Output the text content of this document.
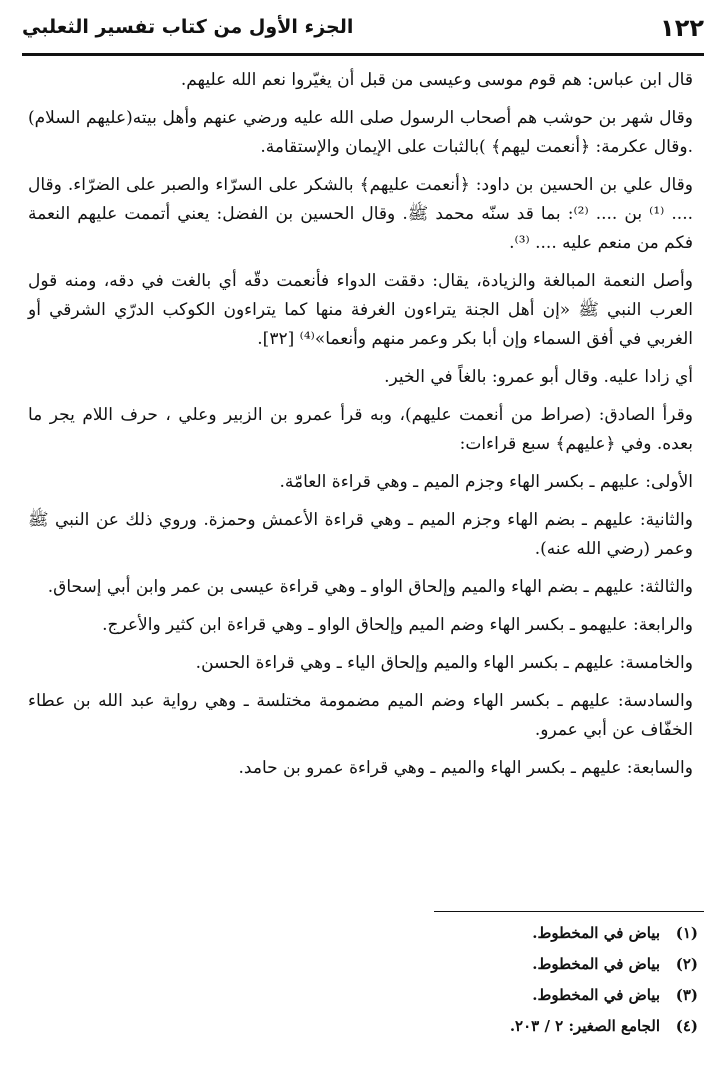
١٢٢
الجزء الأول من كتاب تفسير الثعلبي

قال ابن عباس: هم قوم موسى وعيسى من قبل أن يغيّروا نعم الله عليهم.

وقال شهر بن حوشب هم أصحاب الرسول صلى الله عليه ورضي عنهم وأهل بيته(عليهم السلام) .وقال عكرمة: ﴿أنعمت ليهم﴾ )بالثبات على الإيمان والإستقامة.

وقال علي بن الحسين بن داود: ﴿أنعمت عليهم﴾ بالشكر على السرّاء والصبر على الضرّاء. وقال .... ⁽¹⁾ بن .... ⁽²⁾: بما قد سنّه محمد ﷺ. وقال الحسين بن الفضل: يعني أتممت عليهم النعمة فكم من منعم عليه .... ⁽³⁾.

وأصل النعمة المبالغة والزيادة، يقال: دققت الدواء فأنعمت دقّه أي بالغت في دقه، ومنه قول العرب النبي ﷺ «إن أهل الجنة يتراءون الغرفة منها كما يتراءون الكوكب الدرّي الشرقي أو الغربي في أفق السماء وإن أبا بكر وعمر منهم وأنعما»⁽⁴⁾ [٣٢].

أي زادا عليه. وقال أبو عمرو: بالغاً في الخير.

وقرأ الصادق: (صراط من أنعمت عليهم)، وبه قرأ عمرو بن الزبير وعلي ، حرف اللام يجر ما بعده. وفي ﴿عليهم﴾ سبع قراءات:

الأولى: عليهم ـ بكسر الهاء وجزم الميم ـ وهي قراءة العامّة.

والثانية: عليهم ـ بضم الهاء وجزم الميم ـ وهي قراءة الأعمش وحمزة. وروي ذلك عن النبي ﷺ وعمر (رضي الله عنه).

والثالثة: عليهم ـ بضم الهاء والميم وإلحاق الواو ـ وهي قراءة عيسى بن عمر وابن أبي إسحاق.

والرابعة: عليهمو ـ بكسر الهاء وضم الميم وإلحاق الواو ـ وهي قراءة ابن كثير والأعرج.

والخامسة: عليهم ـ بكسر الهاء والميم وإلحاق الياء ـ وهي قراءة الحسن.

والسادسة: عليهم ـ بكسر الهاء وضم الميم مضمومة مختلسة ـ وهي رواية عبد الله بن عطاء الخفّاف عن أبي عمرو.

والسابعة: عليهم ـ بكسر الهاء والميم ـ وهي قراءة عمرو بن حامد.

(١)
بياض في المخطوط.
(٢)
بياض في المخطوط.
(٣)
بياض في المخطوط.
(٤)
الجامع الصغير: ٢ / ٢٠٣.
